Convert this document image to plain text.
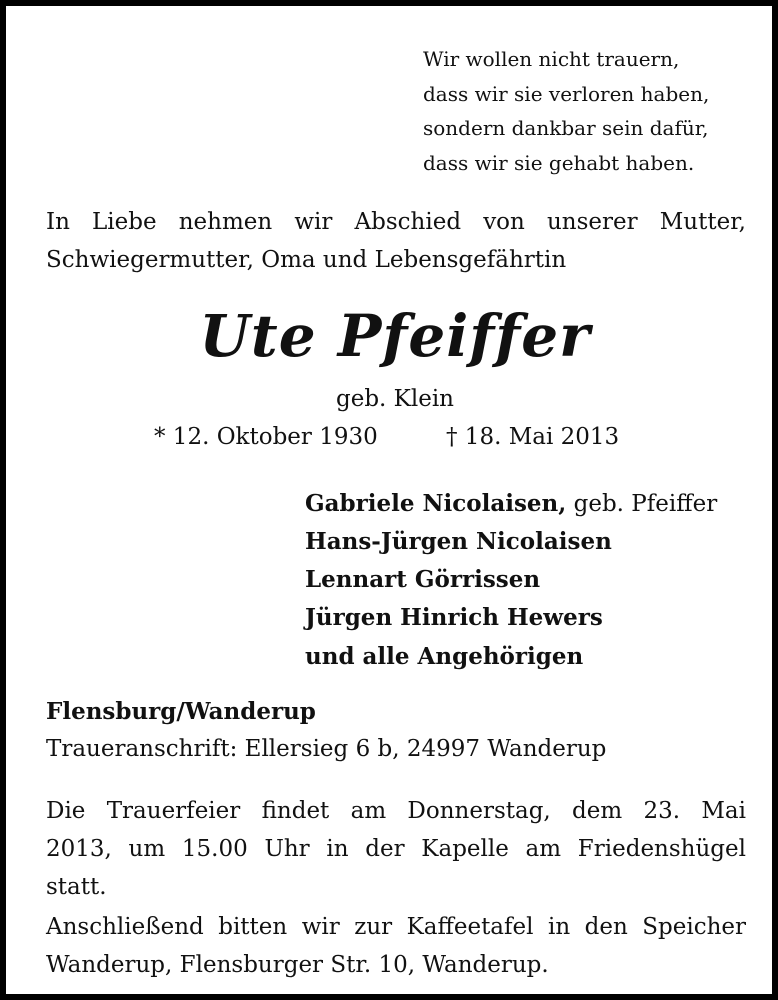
Wir wollen nicht trauern,
dass wir sie verloren haben,
sondern dankbar sein dafür,
dass wir sie gehabt haben.
In Liebe nehmen wir Abschied von unserer Mutter,
Schwiegermutter, Oma und Lebensgefährtin
Ute Pfeiffer
geb. Klein
* 12. Oktober 1930	† 18. Mai 2013
Gabriele Nicolaisen, geb. Pfeiffer
Hans-Jürgen Nicolaisen
Lennart Görrissen
Jürgen Hinrich Hewers
und alle Angehörigen
Flensburg/Wanderup
Traueranschrift: Ellersieg 6 b, 24997 Wanderup
Die Trauerfeier findet am Donnerstag, dem 23. Mai
2013, um 15.00 Uhr in der Kapelle am Friedenshügel
statt.
Anschließend bitten wir zur Kaffeetafel in den Speicher
Wanderup, Flensburger Str. 10, Wanderup.
